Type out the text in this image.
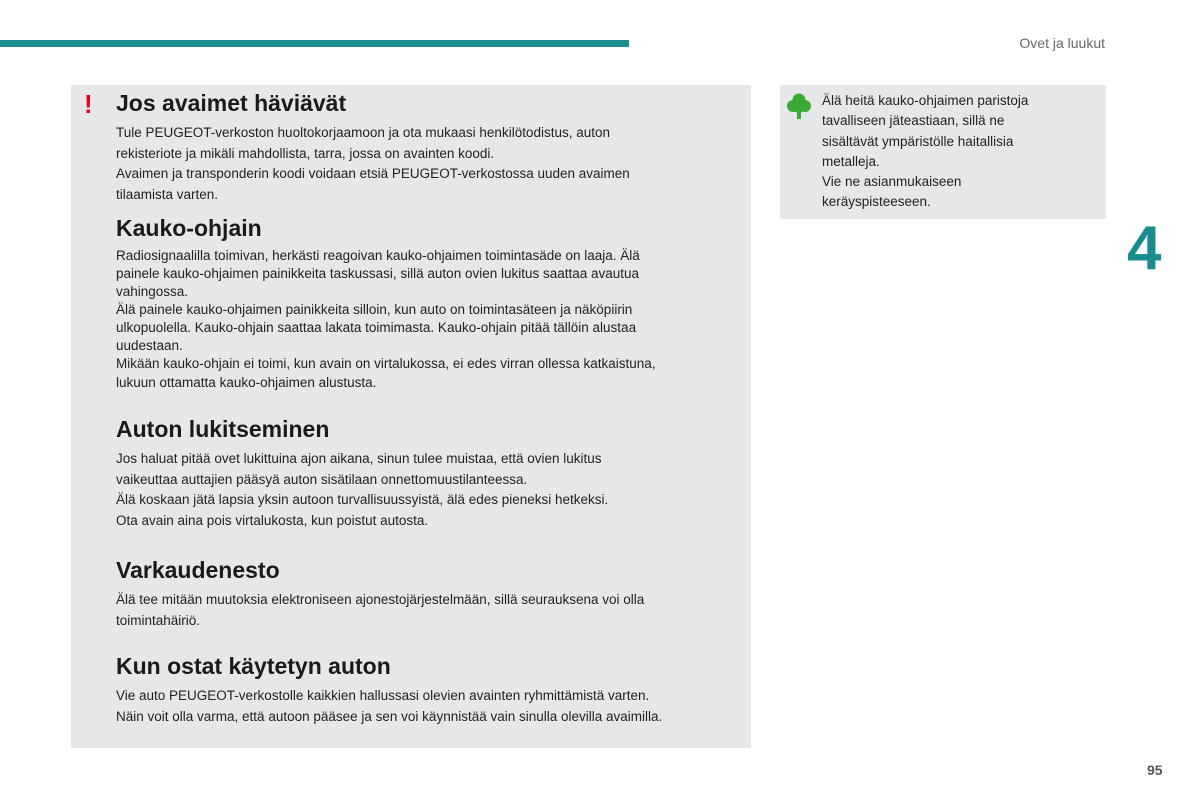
Ovet ja luukut
! Jos avaimet häviävät
Tule PEUGEOT-verkoston huoltokorjaamoon ja ota mukaasi henkilötodistus, auton
rekisteriote ja mikäli mahdollista, tarra, jossa on avainten koodi.
Avaimen ja transponderin koodi voidaan etsiä PEUGEOT-verkostossa uuden avaimen
tilaamista varten.
Kauko-ohjain
Radiosignaalilla toimivan, herkästi reagoivan kauko-ohjaimen toimintasäde on laaja. Älä
painele kauko-ohjaimen painikkeita taskussasi, sillä auton ovien lukitus saattaa avautua
vahingossa.
Älä painele kauko-ohjaimen painikkeita silloin, kun auto on toimintasäteen ja näköpiirin
ulkopuolella. Kauko-ohjain saattaa lakata toimimasta. Kauko-ohjain pitää tällöin alustaa
uudestaan.
Mikään kauko-ohjain ei toimi, kun avain on virtalukossa, ei edes virran ollessa katkaistuna,
lukuun ottamatta kauko-ohjaimen alustusta.
Auton lukitseminen
Jos haluat pitää ovet lukittuina ajon aikana, sinun tulee muistaa, että ovien lukitus
vaikeuttaa auttajien pääsyä auton sisätilaan onnettomuustilanteessa.
Älä koskaan jätä lapsia yksin autoon turvallisuussyistä, älä edes pieneksi hetkeksi.
Ota avain aina pois virtalukosta, kun poistut autosta.
Varkaudenesto
Älä tee mitään muutoksia elektroniseen ajonestojärjestelmään, sillä seurauksena voi olla
toimintahäiriö.
Kun ostat käytetyn auton
Vie auto PEUGEOT-verkostolle kaikkien hallussasi olevien avainten ryhmittämistä varten.
Näin voit olla varma, että autoon pääsee ja sen voi käynnistää vain sinulla olevilla avaimilla.
Älä heitä kauko-ohjaimen paristoja
tavalliseen jäteastiaan, sillä ne
sisältävät ympäristölle haitallisia
metalleja.
Vie ne asianmukaiseen
keräyspisteeseen.
4
95
